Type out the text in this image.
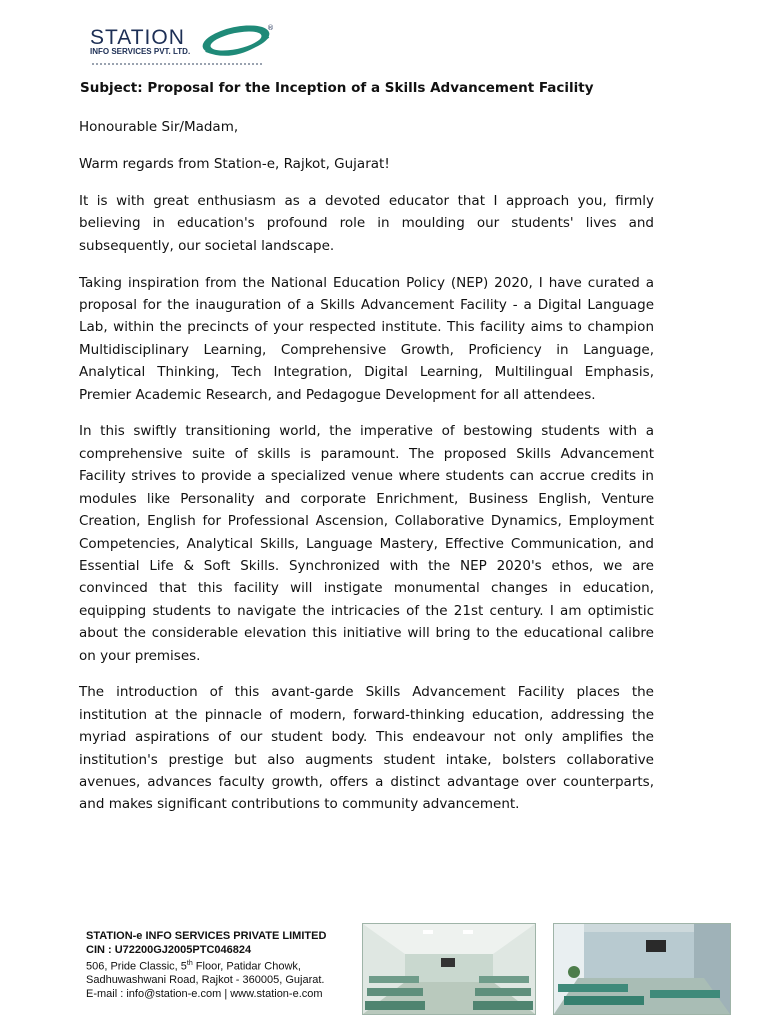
STATION
INFO SERVICES PVT. LTD.
®
Subject: Proposal for the Inception of a Skills Advancement Facility

Honourable Sir/Madam,

Warm regards from Station-e, Rajkot, Gujarat!

It is with great enthusiasm as a devoted educator that I approach you, firmly believing in education's profound role in moulding our students' lives and subsequently, our societal landscape.

Taking inspiration from the National Education Policy (NEP) 2020, I have curated a proposal for the inauguration of a Skills Advancement Facility - a Digital Language Lab, within the precincts of your respected institute. This facility aims to champion Multidisciplinary Learning, Comprehensive Growth, Proficiency in Language, Analytical Thinking, Tech Integration, Digital Learning, Multilingual Emphasis, Premier Academic Research, and Pedagogue Development for all attendees.

In this swiftly transitioning world, the imperative of bestowing students with a comprehensive suite of skills is paramount. The proposed Skills Advancement Facility strives to provide a specialized venue where students can accrue credits in modules like Personality and corporate Enrichment, Business English, Venture Creation, English for Professional Ascension, Collaborative Dynamics, Employment Competencies, Analytical Skills, Language Mastery, Effective Communication, and Essential Life & Soft Skills. Synchronized with the NEP 2020's ethos, we are convinced that this facility will instigate monumental changes in education, equipping students to navigate the intricacies of the 21st century. I am optimistic about the considerable elevation this initiative will bring to the educational calibre on your premises.

The introduction of this avant-garde Skills Advancement Facility places the institution at the pinnacle of modern, forward-thinking education, addressing the myriad aspirations of our student body. This endeavour not only amplifies the institution's prestige but also augments student intake, bolsters collaborative avenues, advances faculty growth, offers a distinct advantage over counterparts, and makes significant contributions to community advancement.

STATION-e INFO SERVICES PRIVATE LIMITED
CIN : U72200GJ2005PTC046824
506, Pride Classic, 5th Floor, Patidar Chowk,
Sadhuwashwani Road, Rajkot - 360005, Gujarat.
E-mail : info@station-e.com | www.station-e.com
